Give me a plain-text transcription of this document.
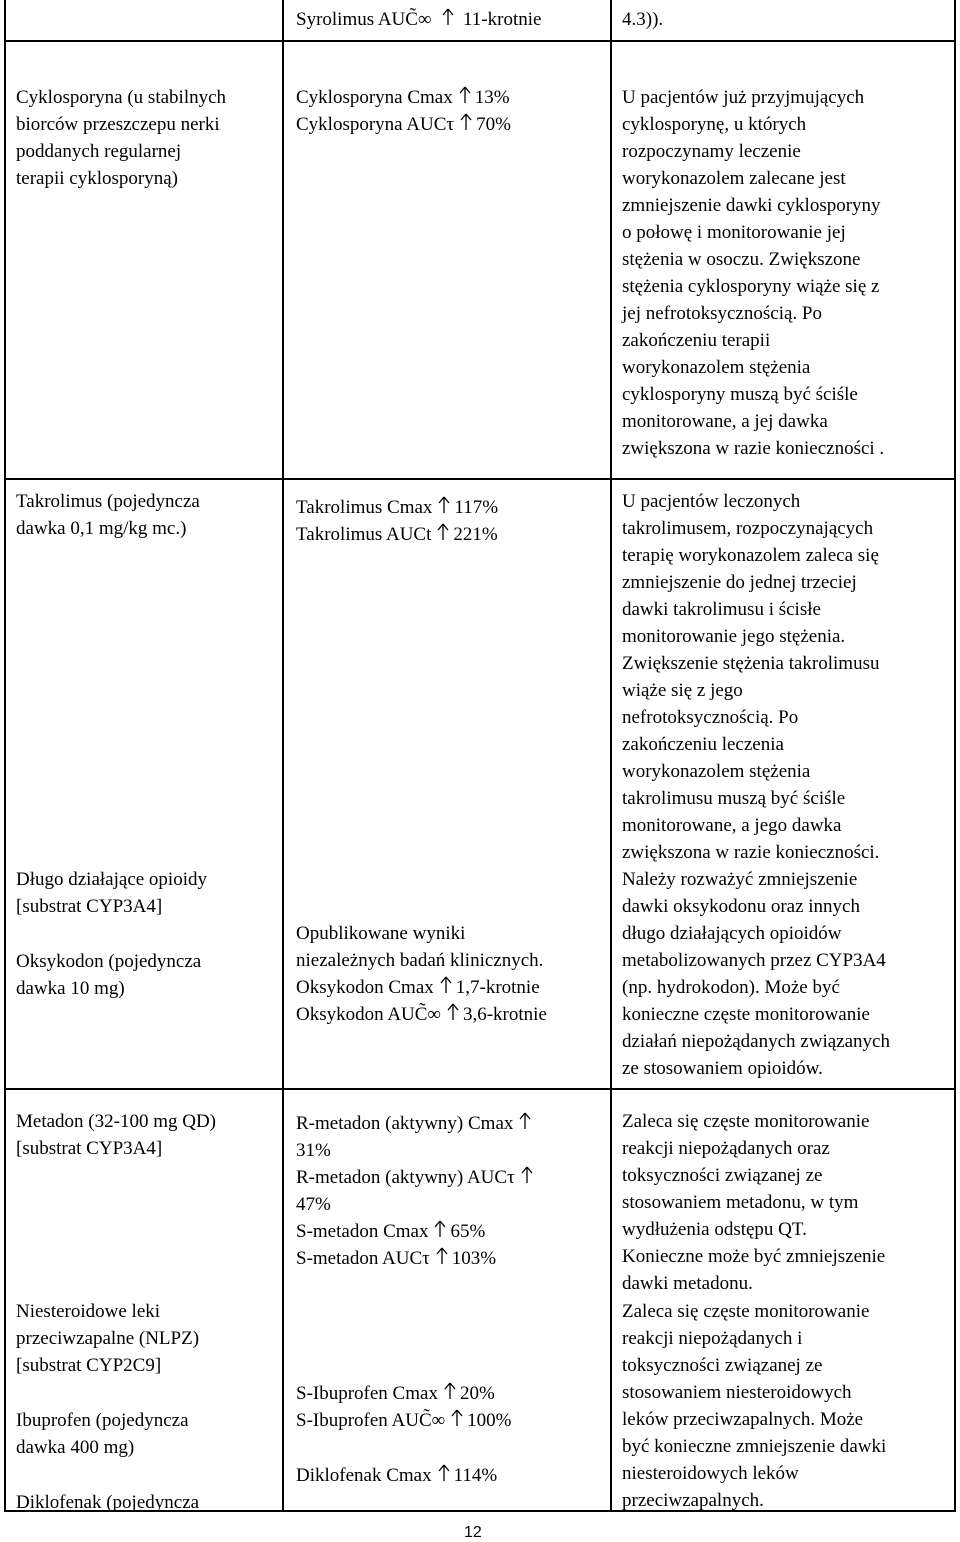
Syrolimus AUC̃∞ 11-krotnie	4.3)).
Cyklosporyna (u stabilnych
biorców przeszczepu nerki
poddanych regularnej
terapii cyklosporyną)
Cyklosporyna Cmax 13%
Cyklosporyna AUCτ 70%
U pacjentów już przyjmujących
cyklosporynę, u których
rozpoczynamy leczenie
worykonazolem zalecane jest
zmniejszenie dawki cyklosporyny
o połowę i monitorowanie jej
stężenia w osoczu. Zwiększone
stężenia cyklosporyny wiąże się z
jej nefrotoksycznością. Po
zakończeniu terapii
worykonazolem stężenia
cyklosporyny muszą być ściśle
monitorowane, a jej dawka
zwiększona w razie konieczności .
Takrolimus (pojedyncza
dawka 0,1 mg/kg mc.)
Takrolimus Cmax 117%
Takrolimus AUCt 221%
U pacjentów leczonych
takrolimusem, rozpoczynających
terapię worykonazolem zaleca się
zmniejszenie do jednej trzeciej
dawki takrolimusu i ścisłe
monitorowanie jego stężenia.
Zwiększenie stężenia takrolimusu
wiąże się z jego
nefrotoksycznością. Po
zakończeniu leczenia
worykonazolem stężenia
takrolimusu muszą być ściśle
monitorowane, a jego dawka
zwiększona w razie konieczności.
Długo działające opioidy
[substrat CYP3A4]
Oksykodon (pojedyncza
dawka 10 mg)
Opublikowane wyniki
niezależnych badań klinicznych.
Oksykodon Cmax 1,7-krotnie
Oksykodon AUC̃∞ 3,6-krotnie
Należy rozważyć zmniejszenie
dawki oksykodonu oraz innych
długo działających opioidów
metabolizowanych przez CYP3A4
(np. hydrokodon). Może być
konieczne częste monitorowanie
działań niepożądanych związanych
ze stosowaniem opioidów.
Metadon (32-100 mg QD)
[substrat CYP3A4]
R-metadon (aktywny) Cmax
31%
R-metadon (aktywny) AUCτ
47%
S-metadon Cmax 65%
S-metadon AUCτ 103%
Zaleca się częste monitorowanie
reakcji niepożądanych oraz
toksyczności związanej ze
stosowaniem metadonu, w tym
wydłużenia odstępu QT.
Konieczne może być zmniejszenie
dawki metadonu.
Niesteroidowe leki
przeciwzapalne (NLPZ)
[substrat CYP2C9]
Ibuprofen (pojedyncza
dawka 400 mg)
Diklofenak (pojedyncza
S-Ibuprofen Cmax 20%
S-Ibuprofen AUC̃∞ 100%
Diklofenak Cmax 114%
Zaleca się częste monitorowanie
reakcji niepożądanych i
toksyczności związanej ze
stosowaniem niesteroidowych
leków przeciwzapalnych. Może
być konieczne zmniejszenie dawki
niesteroidowych leków
przeciwzapalnych.
12
